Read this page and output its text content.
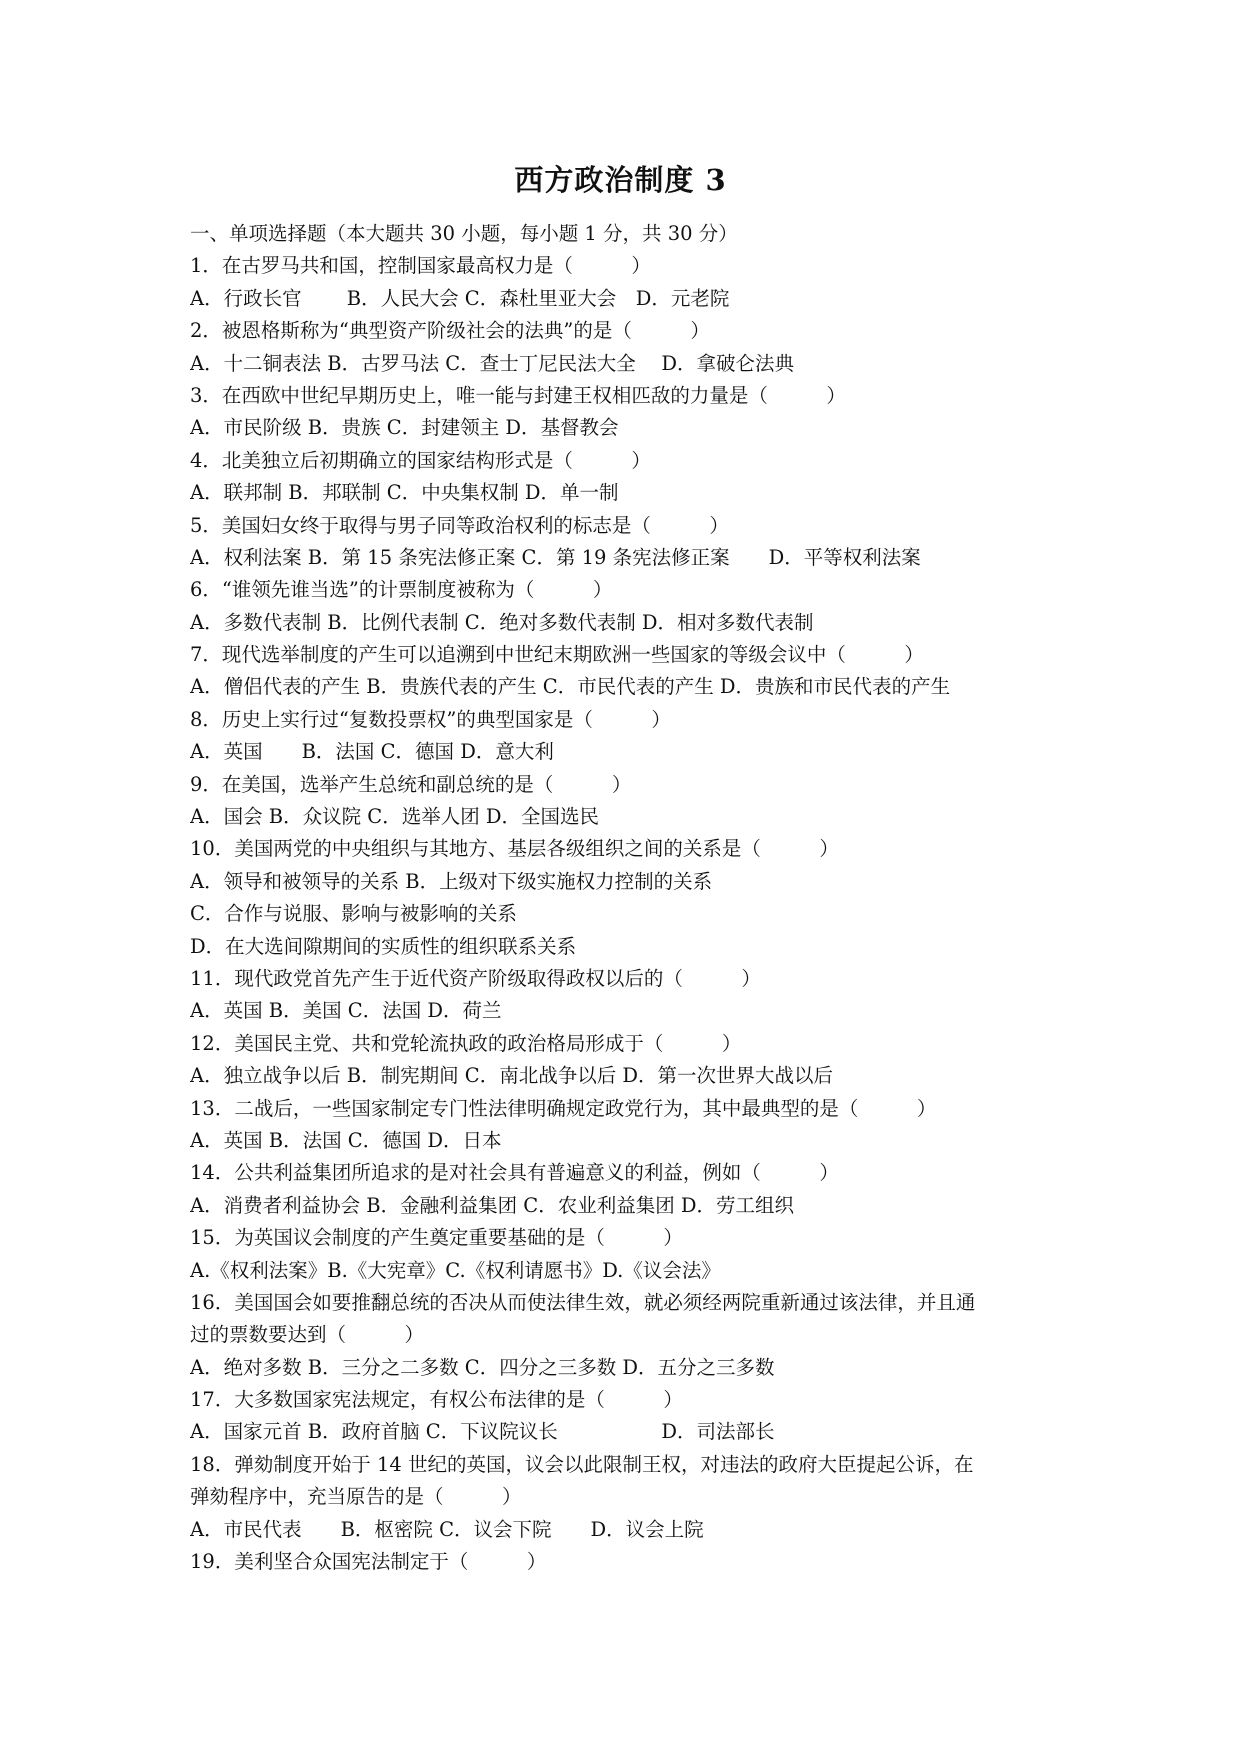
西方政治制度 3
一、单项选择题（本大题共 30 小题，每小题 1 分，共 30 分）
1．在古罗马共和国，控制国家最高权力是（　　　）
A．行政长官　　 B．人民大会 C．森杜里亚大会　D．元老院
2．被恩格斯称为“典型资产阶级社会的法典”的是（　　　）
A．十二铜表法 B．古罗马法 C．查士丁尼民法大全　 D．拿破仑法典
3．在西欧中世纪早期历史上，唯一能与封建王权相匹敌的力量是（　　　）
A．市民阶级 B．贵族 C．封建领主 D．基督教会
4．北美独立后初期确立的国家结构形式是（　　　）
A．联邦制 B．邦联制 C．中央集权制 D．单一制
5．美国妇女终于取得与男子同等政治权利的标志是（　　　）
A．权利法案 B．第 15 条宪法修正案 C．第 19 条宪法修正案　　D．平等权利法案
6．“谁领先谁当选”的计票制度被称为（　　　）
A．多数代表制 B．比例代表制 C．绝对多数代表制 D．相对多数代表制
7．现代选举制度的产生可以追溯到中世纪末期欧洲一些国家的等级会议中（　　　）
A．僧侣代表的产生 B．贵族代表的产生 C．市民代表的产生 D．贵族和市民代表的产生
8．历史上实行过“复数投票权”的典型国家是（　　　）
A．英国　　B．法国 C．德国 D．意大利
9．在美国，选举产生总统和副总统的是（　　　）
A．国会 B．众议院 C．选举人团 D．全国选民
10．美国两党的中央组织与其地方、基层各级组织之间的关系是（　　　）
A．领导和被领导的关系 B．上级对下级实施权力控制的关系
C．合作与说服、影响与被影响的关系
D．在大选间隙期间的实质性的组织联系关系
11．现代政党首先产生于近代资产阶级取得政权以后的（　　　）
A．英国 B．美国 C．法国 D．荷兰
12．美国民主党、共和党轮流执政的政治格局形成于（　　　）
A．独立战争以后 B．制宪期间 C．南北战争以后 D．第一次世界大战以后
13．二战后，一些国家制定专门性法律明确规定政党行为，其中最典型的是（　　　）
A．英国 B．法国 C．德国 D．日本
14．公共利益集团所追求的是对社会具有普遍意义的利益，例如（　　　）
A．消费者利益协会 B．金融利益集团 C．农业利益集团 D．劳工组织
15．为英国议会制度的产生奠定重要基础的是（　　　）
A.《权利法案》B.《大宪章》C.《权利请愿书》D.《议会法》
16．美国国会如要推翻总统的否决从而使法律生效，就必须经两院重新通过该法律，并且通
过的票数要达到（　　　）
A．绝对多数 B．三分之二多数 C．四分之三多数 D．五分之三多数
17．大多数国家宪法规定，有权公布法律的是（　　　）
A．国家元首 B．政府首脑 C．下议院议长　　　　　 D．司法部长
18．弹劾制度开始于 14 世纪的英国，议会以此限制王权，对违法的政府大臣提起公诉，在
弹劾程序中，充当原告的是（　　　）
A．市民代表　　B．枢密院 C．议会下院　　D．议会上院
19．美利坚合众国宪法制定于（　　　）
